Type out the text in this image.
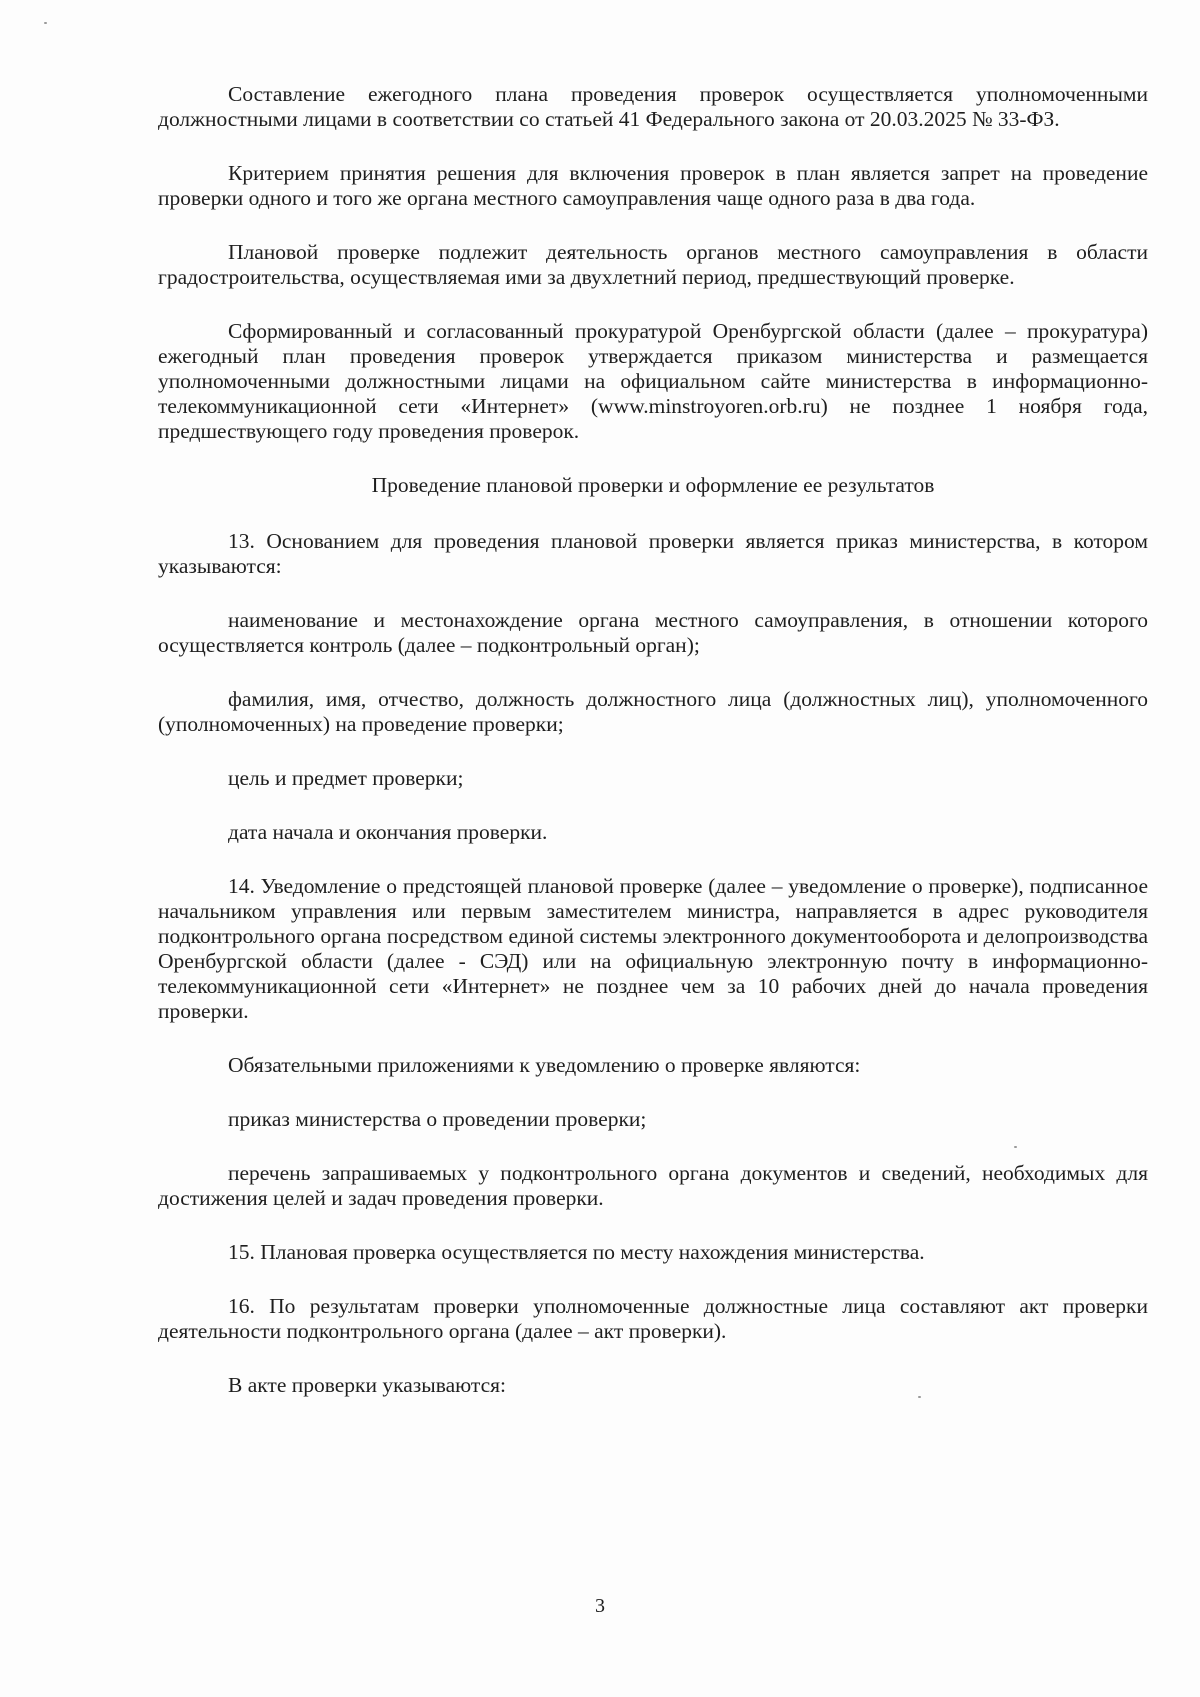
Составление ежегодного плана проведения проверок осуществляется уполномоченными должностными лицами в соответствии со статьей 41 Федерального закона от 20.03.2025 № 33-ФЗ.

Критерием принятия решения для включения проверок в план является запрет на проведение проверки одного и того же органа местного самоуправления чаще одного раза в два года.

Плановой проверке подлежит деятельность органов местного самоуправления в области градостроительства, осуществляемая ими за двухлетний период, предшествующий проверке.

Сформированный и согласованный прокуратурой Оренбургской области (далее – прокуратура) ежегодный план проведения проверок утверждается приказом министерства и размещается уполномоченными должностными лицами на официальном сайте министерства в информационно-телекоммуникационной сети «Интернет» (www.minstroyoren.orb.ru) не позднее 1 ноября года, предшествующего году проведения проверок.

Проведение плановой проверки и оформление ее результатов

13. Основанием для проведения плановой проверки является приказ министерства, в котором указываются:

наименование и местонахождение органа местного самоуправления, в отношении которого осуществляется контроль (далее – подконтрольный орган);

фамилия, имя, отчество, должность должностного лица (должностных лиц), уполномоченного (уполномоченных) на проведение проверки;

цель и предмет проверки;

дата начала и окончания проверки.

14. Уведомление о предстоящей плановой проверке (далее – уведомление о проверке), подписанное начальником управления или первым заместителем министра, направляется в адрес руководителя подконтрольного органа посредством единой системы электронного документооборота и делопроизводства Оренбургской области (далее - СЭД) или на официальную электронную почту в информационно-телекоммуникационной сети «Интернет» не позднее чем за 10 рабочих дней до начала проведения проверки.

Обязательными приложениями к уведомлению о проверке являются:

приказ министерства о проведении проверки;

перечень запрашиваемых у подконтрольного органа документов и сведений, необходимых для достижения целей и задач проведения проверки.

15. Плановая проверка осуществляется по месту нахождения министерства.

16. По результатам проверки уполномоченные должностные лица составляют акт проверки деятельности подконтрольного органа (далее – акт проверки).

В акте проверки указываются:

3
